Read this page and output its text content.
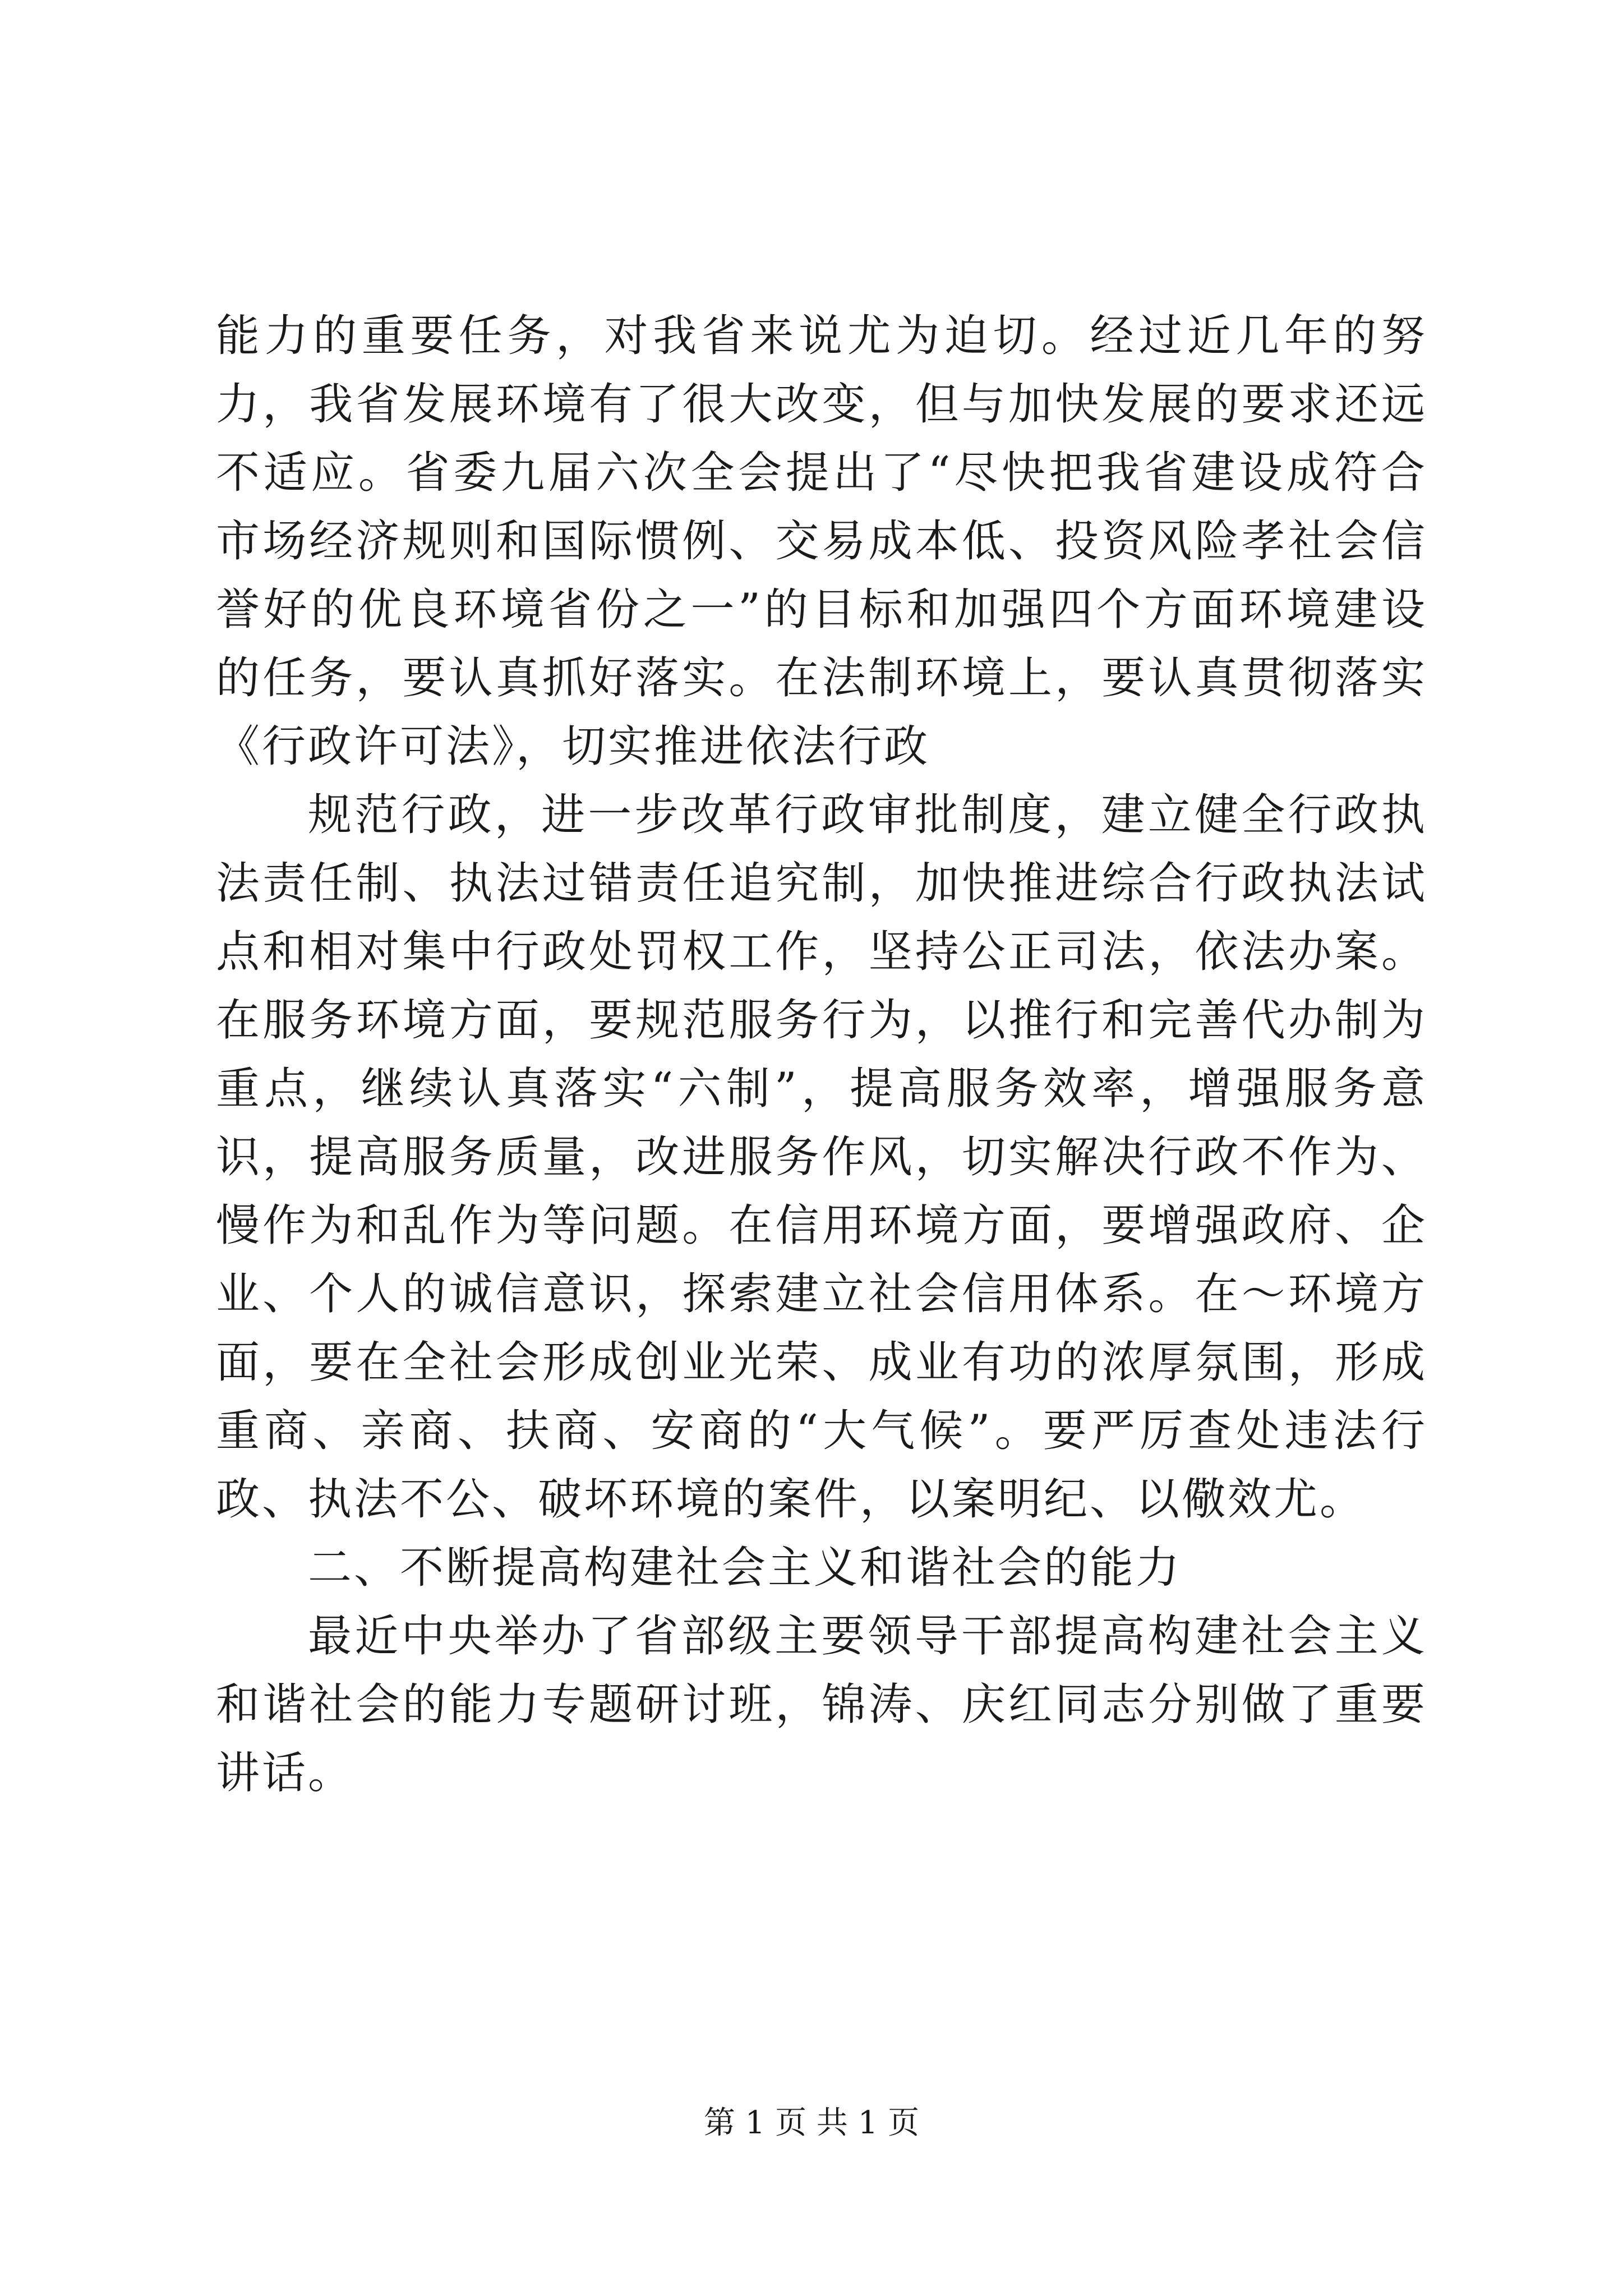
能力的重要任务，对我省来说尤为迫切。经过近几年的努力，我省发展环境有了很大改变，但与加快发展的要求还远不适应。省委九届六次全会提出了“尽快把我省建设成符合市场经济规则和国际惯例、交易成本低、投资风险孝社会信誉好的优良环境省份之一”的目标和加强四个方面环境建设的任务，要认真抓好落实。在法制环境上，要认真贯彻落实《行政许可法》，切实推进依法行政

规范行政，进一步改革行政审批制度，建立健全行政执法责任制、执法过错责任追究制，加快推进综合行政执法试点和相对集中行政处罚权工作，坚持公正司法，依法办案。在服务环境方面，要规范服务行为，以推行和完善代办制为重点，继续认真落实“六制”，提高服务效率，增强服务意识，提高服务质量，改进服务作风，切实解决行政不作为、慢作为和乱作为等问题。在信用环境方面，要增强政府、企业、个人的诚信意识，探索建立社会信用体系。在～环境方面，要在全社会形成创业光荣、成业有功的浓厚氛围，形成重商、亲商、扶商、安商的“大气候”。要严厉查处违法行政、执法不公、破坏环境的案件，以案明纪、以儆效尤。

二、不断提高构建社会主义和谐社会的能力

最近中央举办了省部级主要领导干部提高构建社会主义和谐社会的能力专题研讨班，锦涛、庆红同志分别做了重要讲话。

第 1 页 共 1 页
